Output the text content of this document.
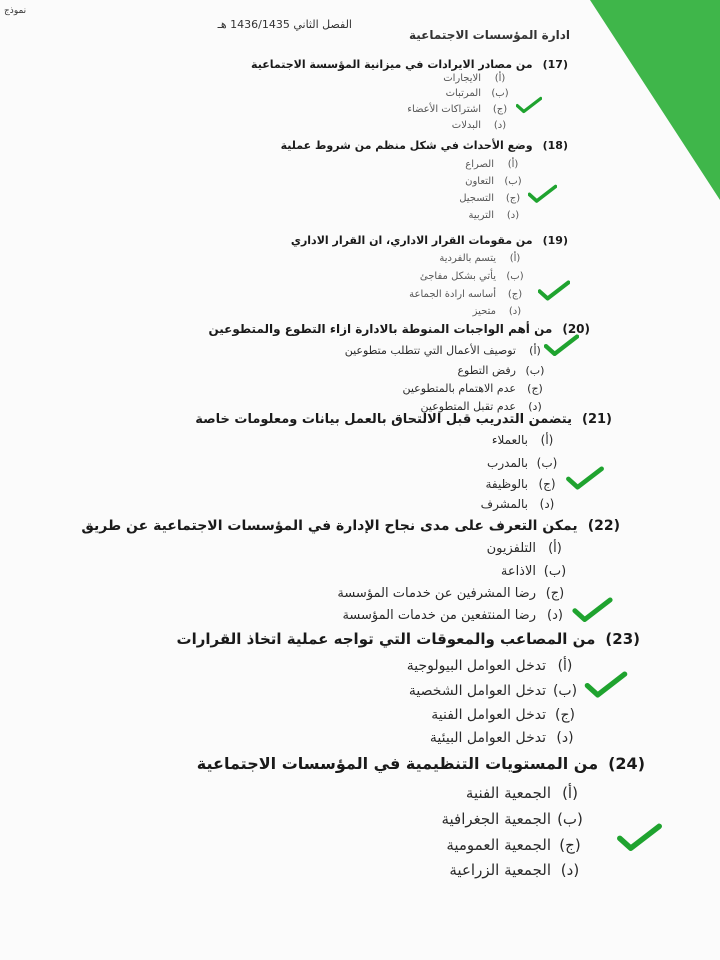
نموذج
الفصل الثاني 1436/1435 هـ
ادارة المؤسسات الاجتماعية
(17)من مصادر الايرادات في ميزانية المؤسسة الاجتماعية
(أ)الايجارات
(ب)المرتبات
(ج)اشتراكات الأعضاء
(د)البدلات
(18)وضع الأحداث في شكل منظم من شروط عملية
(أ)الصراع
(ب)التعاون
(ج)التسجيل
(د)التربية
(19)من مقومات القرار الاداري، ان القرار الاداري
(أ)يتسم بالفردية
(ب)يأتي بشكل مفاجئ
(ج)أساسه ارادة الجماعة
(د)متحيز
(20)من أهم الواجبات المنوطة بالادارة ازاء التطوع والمتطوعين
(أ)توصيف الأعمال التي تتطلب متطوعين
(ب)رفض التطوع
(ج)عدم الاهتمام بالمتطوعين
(د)عدم تقبل المتطوعين
(21)يتضمن التدريب قبل الالتحاق بالعمل بيانات ومعلومات خاصة
(أ)بالعملاء
(ب)بالمدرب
(ج)بالوظيفة
(د)بالمشرف
(22)يمكن التعرف على مدى نجاح الإدارة في المؤسسات الاجتماعية عن طريق
(أ)التلفزيون
(ب)الاذاعة
(ج)رضا المشرفين عن خدمات المؤسسة
(د)رضا المنتفعين من خدمات المؤسسة
(23)من المصاعب والمعوقات التي تواجه عملية اتخاذ القرارات
(أ)تدخل العوامل البيولوجية
(ب)تدخل العوامل الشخصية
(ج)تدخل العوامل الفنية
(د)تدخل العوامل البيئية
(24)من المستويات التنظيمية في المؤسسات الاجتماعية
(أ)الجمعية الفنية
(ب)الجمعية الجغرافية
(ج)الجمعية العمومية
(د)الجمعية الزراعية
